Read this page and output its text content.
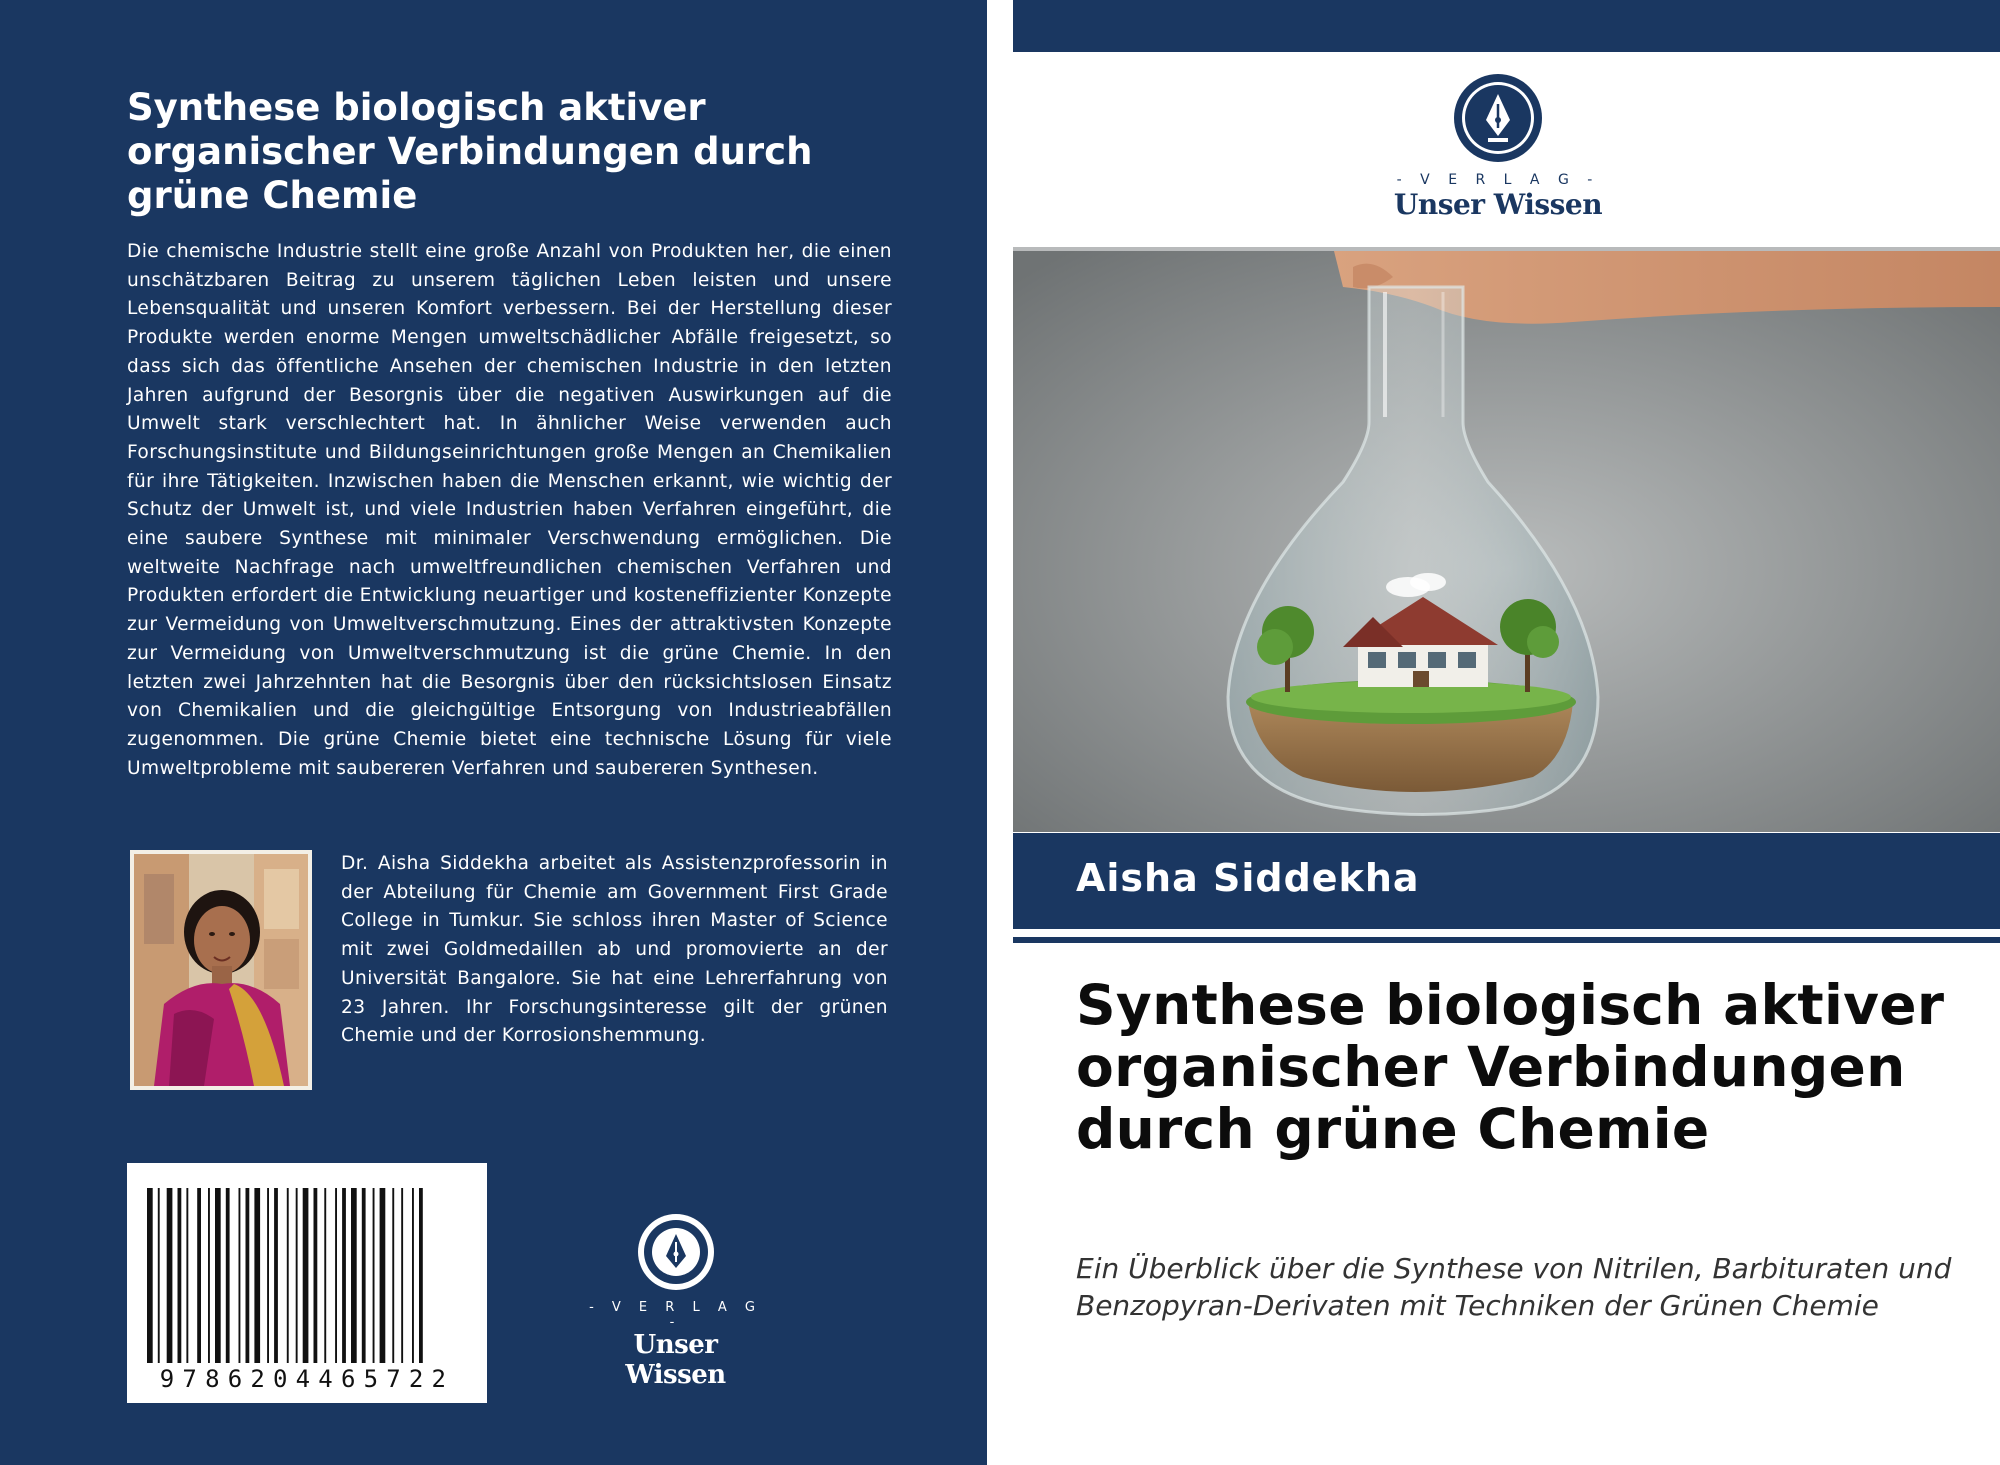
Synthese biologisch aktiver organischer Verbindungen durch grüne Chemie

Die chemische Industrie stellt eine große Anzahl von Produkten her, die einen unschätzbaren Beitrag zu unserem täglichen Leben leisten und unsere Lebensqualität und unseren Komfort verbessern. Bei der Herstellung dieser Produkte werden enorme Mengen umweltschädlicher Abfälle freigesetzt, so dass sich das öffentliche Ansehen der chemischen Industrie in den letzten Jahren aufgrund der Besorgnis über die negativen Auswirkungen auf die Umwelt stark verschlechtert hat. In ähnlicher Weise verwenden auch Forschungsinstitute und Bildungseinrichtungen große Mengen an Chemikalien für ihre Tätigkeiten. Inzwischen haben die Menschen erkannt, wie wichtig der Schutz der Umwelt ist, und viele Industrien haben Verfahren eingeführt, die eine saubere Synthese mit minimaler Verschwendung ermöglichen. Die weltweite Nachfrage nach umweltfreundlichen chemischen Verfahren und Produkten erfordert die Entwicklung neuartiger und kosteneffizienter Konzepte zur Vermeidung von Umweltverschmutzung. Eines der attraktivsten Konzepte zur Vermeidung von Umweltverschmutzung ist die grüne Chemie. In den letzten zwei Jahrzehnten hat die Besorgnis über den rücksichtslosen Einsatz von Chemikalien und die gleichgültige Entsorgung von Industrieabfällen zugenommen. Die grüne Chemie bietet eine technische Lösung für viele Umweltprobleme mit saubereren Verfahren und saubereren Synthesen.

Dr. Aisha Siddekha arbeitet als Assistenzprofessorin in der Abteilung für Chemie am Government First Grade College in Tumkur. Sie schloss ihren Master of Science mit zwei Goldmedaillen ab und promovierte an der Universität Bangalore. Sie hat eine Lehrerfahrung von 23 Jahren. Ihr Forschungsinteresse gilt der grünen Chemie und der Korrosionshemmung.

9786204465722
- V E R L A G -
Unser Wissen
- V E R L A G -
Unser Wissen
Aisha Siddekha
Synthese biologisch aktiver organischer Verbindungen durch grüne Chemie

Ein Überblick über die Synthese von Nitrilen, Barbituraten und Benzopyran-Derivaten mit Techniken der Grünen Chemie
